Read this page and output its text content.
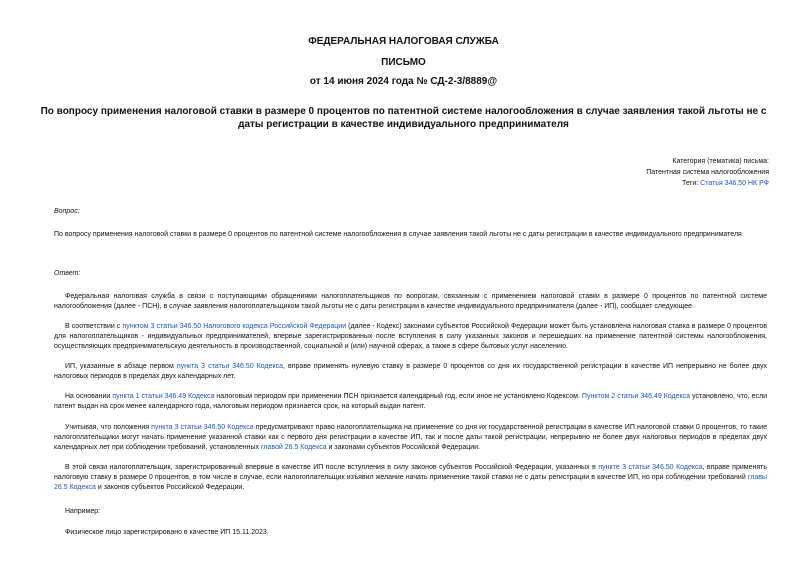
ФЕДЕРАЛЬНАЯ НАЛОГОВАЯ СЛУЖБА
ПИСЬМО
от 14 июня 2024 года № СД-2-3/8889@
По вопросу применения налоговой ставки в размере 0 процентов по патентной системе налогообложения в случае заявления такой льготы не с даты регистрации в качестве индивидуального предпринимателя
Категория (тематика) письма:
Патентная система налогообложения
Теги: Статья 346.50 НК РФ
Вопрос:
По вопросу применения налоговой ставки в размере 0 процентов по патентной системе налогообложения в случае заявления такой льготы не с даты регистрации в качестве индивидуального предпринимателя
Ответ:
Федеральная налоговая служба в связи с поступающими обращениями налогоплательщиков по вопросам, связанным с применением налоговой ставки в размере 0 процентов по патентной системе налогообложения (далее - ПСН), в случае заявления налогоплательщиком такой льготы не с даты регистрации в качестве индивидуального предпринимателя (далее - ИП), сообщает следующее.
В соответствии с пунктом 3 статьи 346.50 Налогового кодекса Российской Федерации (далее - Кодекс) законами субъектов Российской Федерации может быть установлена налоговая ставка в размере 0 процентов для налогоплательщиков - индивидуальных предпринимателей, впервые зарегистрированных после вступления в силу указанных законов и перешедших на применение патентной системы налогообложения, осуществляющих предпринимательскую деятельность в производственной, социальной и (или) научной сферах, а также в сфере бытовых услуг населению.
ИП, указанные в абзаце первом пункта 3 статьи 346.50 Кодекса, вправе применять нулевую ставку в размере 0 процентов со дня их государственной регистрации в качестве ИП непрерывно не более двух налоговых периодов в пределах двух календарных лет.
На основании пункта 1 статьи 346.49 Кодекса налоговым периодом при применении ПСН признается календарный год, если иное не установлено Кодексом. Пунктом 2 статьи 346.49 Кодекса установлено, что, если патент выдан на срок менее календарного года, налоговым периодом признается срок, на который выдан патент.
Учитывая, что положения пункта 3 статьи 346.50 Кодекса предусматривают право налогоплательщика на применение со дня их государственной регистрации в качестве ИП налоговой ставки 0 процентов, то такие налогоплательщики могут начать применение указанной ставки как с первого дня регистрации в качестве ИП, так и после даты такой регистрации, непрерывно не более двух налоговых периодов в пределах двух календарных лет при соблюдении требований, установленных главой 26.5 Кодекса и законами субъектов Российской Федерации.
В этой связи налогоплательщик, зарегистрированный впервые в качестве ИП после вступления в силу законов субъектов Российской Федерации, указанных в пункте 3 статьи 346.50 Кодекса, вправе применять налоговую ставку в размере 0 процентов, в том числе в случае, если налогоплательщик изъявил желание начать применение такой ставки не с даты регистрации в качестве ИП, но при соблюдении требований главы 26.5 Кодекса и законов субъектов Российской Федерации.
Например:
Физическое лицо зарегистрировано в качестве ИП 15.11.2023.
